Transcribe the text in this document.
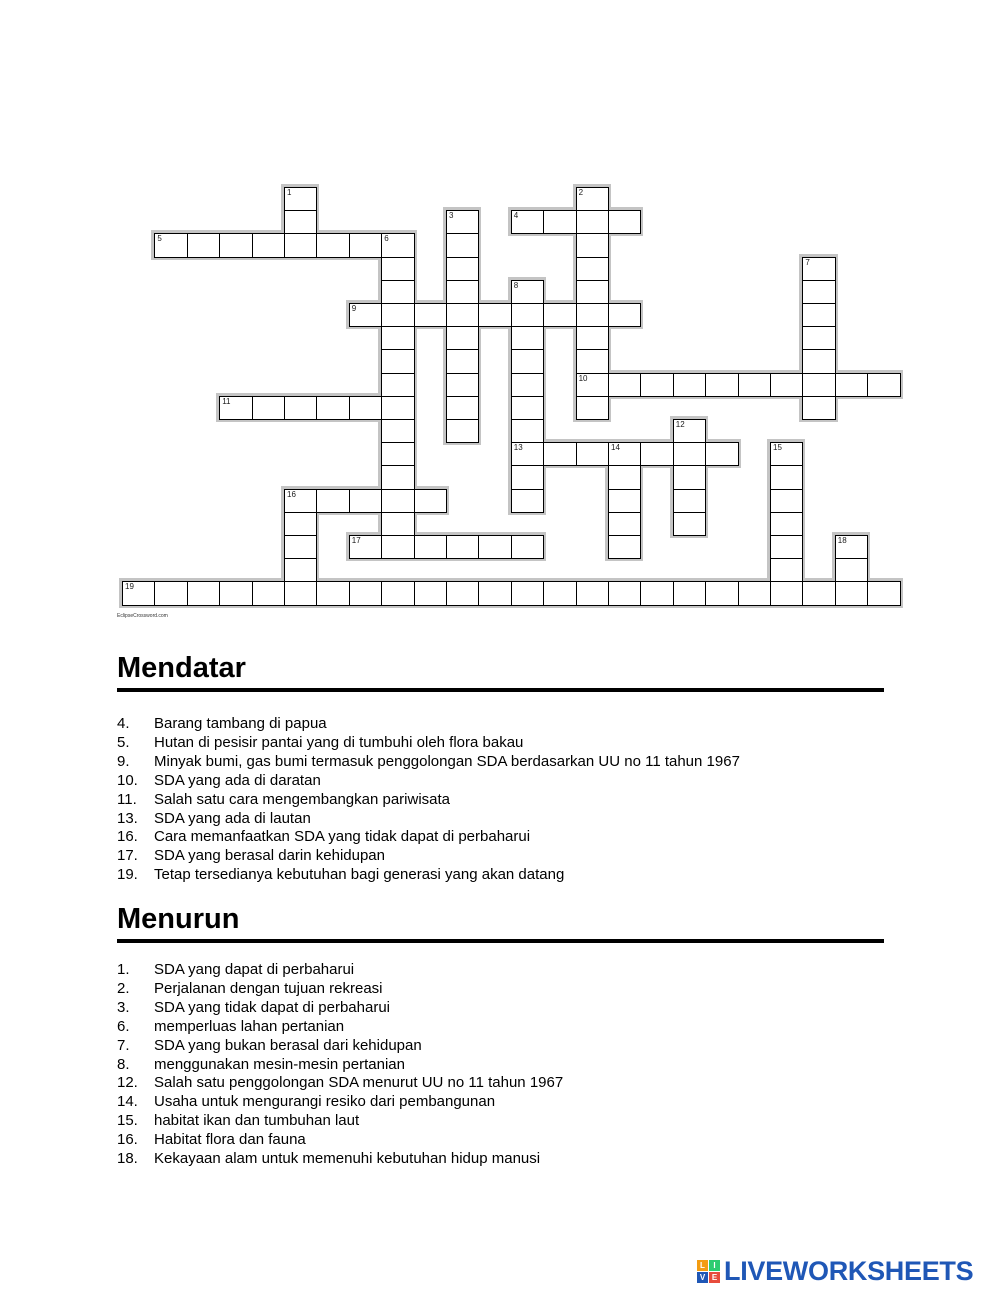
1	2
10
3	4
5	6
7
8
13
9
11
12
14	15
16
17	18
19
EclipseCrossword.com
Mendatar
4.	Barang tambang di papua
5.	Hutan di pesisir pantai yang di tumbuhi oleh flora bakau
9.	Minyak bumi, gas bumi termasuk penggolongan SDA berdasarkan UU no 11 tahun 1967
10.	SDA yang ada di daratan
11.	Salah satu cara mengembangkan pariwisata
13.	SDA yang ada di lautan
16.	Cara memanfaatkan SDA yang tidak dapat di perbaharui
17.	SDA yang berasal darin kehidupan
19.	Tetap tersedianya kebutuhan bagi generasi yang akan datang
Menurun
1.	SDA yang dapat di perbaharui
2.	Perjalanan dengan tujuan rekreasi
3.	SDA yang tidak dapat di perbaharui
6.	memperluas lahan pertanian
7.	SDA yang bukan berasal dari kehidupan
8.	menggunakan mesin-mesin pertanian
12.	Salah satu penggolongan SDA menurut UU no 11 tahun 1967
14.	Usaha untuk mengurangi resiko dari pembangunan
15.	habitat ikan dan tumbuhan laut
16.	Habitat flora dan fauna
18.	Kekayaan alam untuk memenuhi kebutuhan hidup manusi
L	I
V E LIVEWORKSHEETS
